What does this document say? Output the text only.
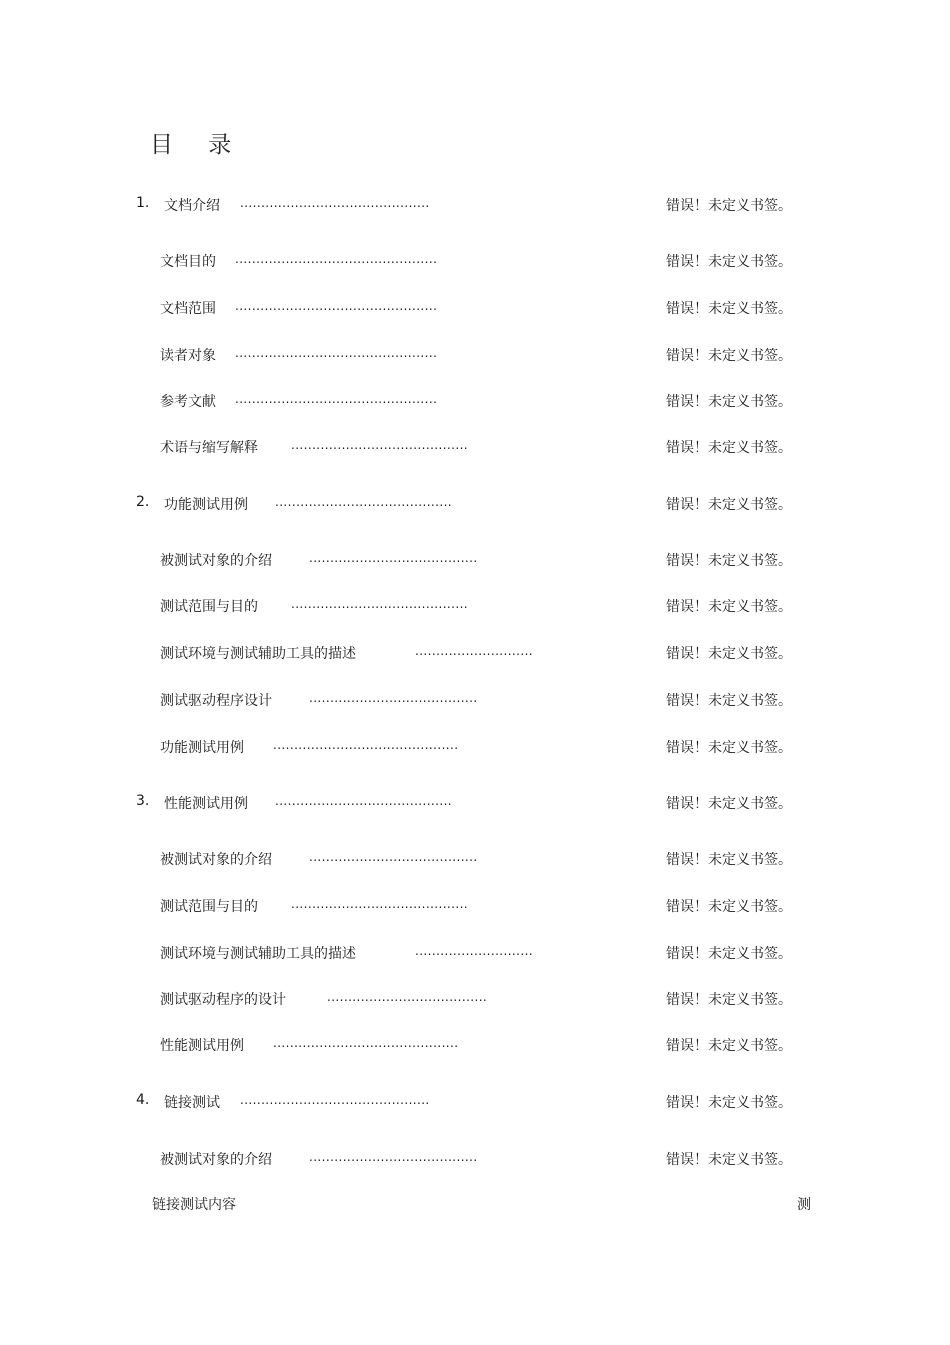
目 录
1. 文档介绍 .............................................	错误！未定义书签。
文档目的 ................................................	错误！未定义书签。
文档范围 ................................................	错误！未定义书签。
读者对象 ................................................	错误！未定义书签。
参考文献 ................................................	错误！未定义书签。
术语与缩写解释	..........................................	错误！未定义书签。
2. 功能测试用例 ..........................................	错误！未定义书签。
被测试对象的介绍	........................................	错误！未定义书签。
测试范围与目的	..........................................	错误！未定义书签。
测试环境与测试辅助工具的描述	............................	错误！未定义书签。
测试驱动程序设计	........................................	错误！未定义书签。
功能测试用例 ............................................	错误！未定义书签。
3. 性能测试用例 ..........................................	错误！未定义书签。
被测试对象的介绍	........................................	错误！未定义书签。
测试范围与目的	..........................................	错误！未定义书签。
测试环境与测试辅助工具的描述	............................	错误！未定义书签。
测试驱动程序的设计	......................................	错误！未定义书签。
性能测试用例 ............................................	错误！未定义书签。
4. 链接测试 .............................................	错误！未定义书签。
被测试对象的介绍	........................................	错误！未定义书签。
链接测试内容	测
